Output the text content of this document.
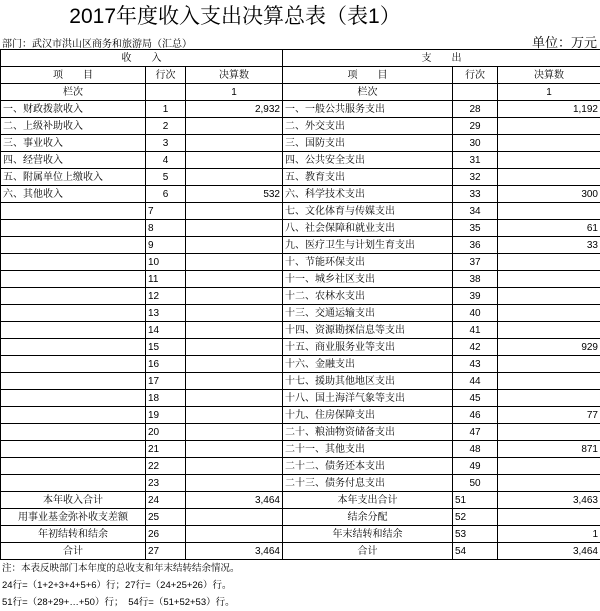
2017年度收入支出决算总表（表1）
部门：武汉市洪山区商务和旅游局（汇总）	单位：万元
收　　入			支　　出		
项　　目	行次	决算数	项　　目	行次	决算数
栏次		1	栏次		1
一、财政拨款收入	1	2,932	一、一般公共服务支出	28	1,192
二、上级补助收入	2		二、外交支出	29	
三、事业收入	3		三、国防支出	30	
四、经营收入	4		四、公共安全支出	31	
五、附属单位上缴收入	5		五、教育支出	32	
六、其他收入	6	532	六、科学技术支出	33	300
	7		七、文化体育与传媒支出	34	
	8		八、社会保障和就业支出	35	61
	9		九、医疗卫生与计划生育支出	36	33
	10		十、节能环保支出	37	
	11		十一、城乡社区支出	38	
	12		十二、农林水支出	39	
	13		十三、交通运输支出	40	
	14		十四、资源勘探信息等支出	41	
	15		十五、商业服务业等支出	42	929
	16		十六、金融支出	43	
	17		十七、援助其他地区支出	44	
	18		十八、国土海洋气象等支出	45	
	19		十九、住房保障支出	46	77
	20		二十、粮油物资储备支出	47	
	21		二十一、其他支出	48	871
	22		二十二、债务还本支出	49	
	23		二十三、债务付息支出	50	
本年收入合计	24	3,464	本年支出合计	51	3,463
用事业基金弥补收支差额	25		结余分配	52	
年初结转和结余	26		年末结转和结余	53	1
合计	27	3,464	合计	54	3,464
注：本表反映部门本年度的总收支和年末结转结余情况。
24行=（1+2+3+4+5+6）行；27行=（24+25+26）行。
51行=（28+29+…+50）行；　54行=（51+52+53）行。
